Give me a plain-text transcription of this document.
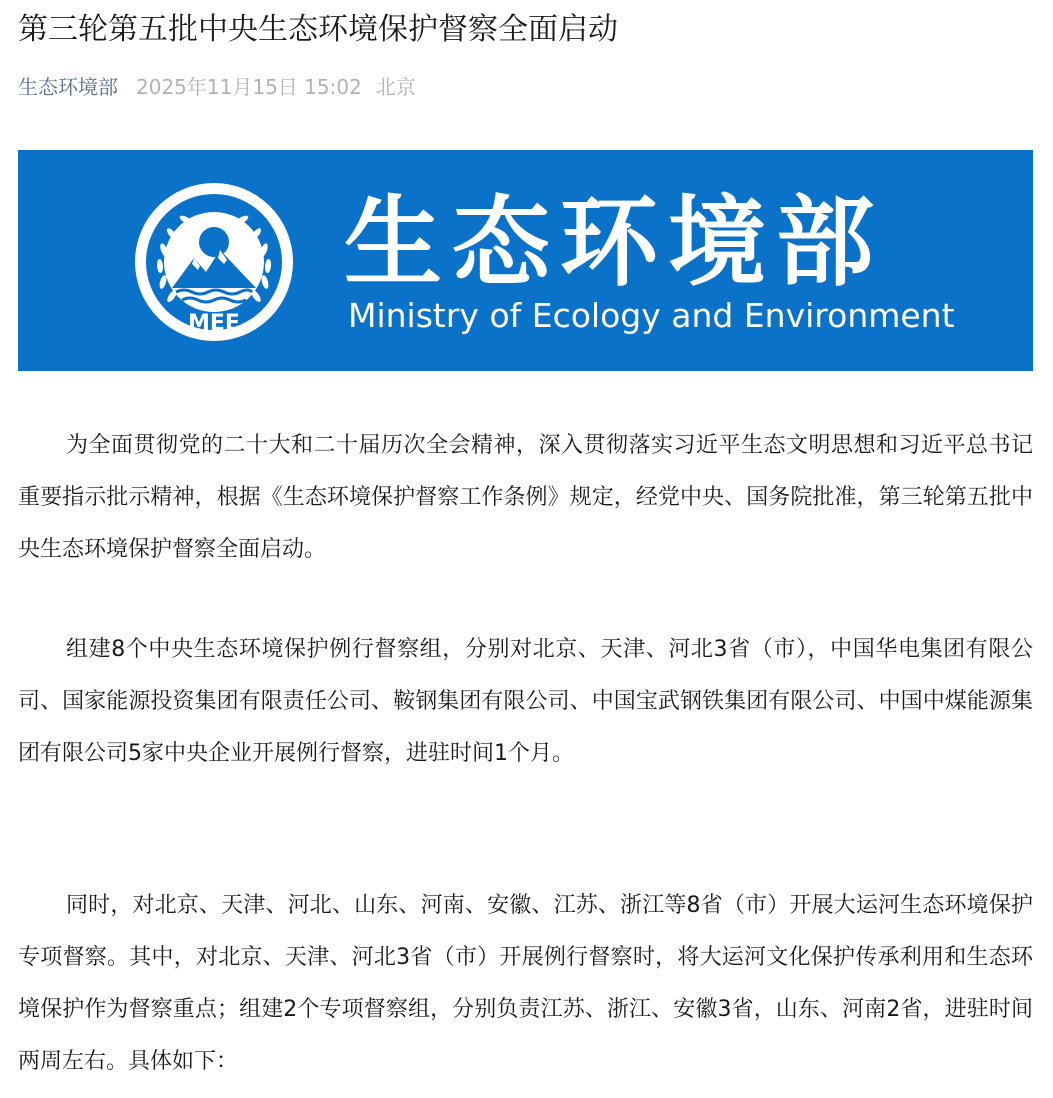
第三轮第五批中央生态环境保护督察全面启动
生态环境部 2025年11月15日 15:02 北京
MEE
生态环境部
Ministry of Ecology and Environment

为全面贯彻党的二十大和二十届历次全会精神，深入贯彻落实习近平生态文明思想和习近平总书记重要指示批示精神，根据《生态环境保护督察工作条例》规定，经党中央、国务院批准，第三轮第五批中央生态环境保护督察全面启动。

组建8个中央生态环境保护例行督察组，分别对北京、天津、河北3省（市），中国华电集团有限公司、国家能源投资集团有限责任公司、鞍钢集团有限公司、中国宝武钢铁集团有限公司、中国中煤能源集团有限公司5家中央企业开展例行督察，进驻时间1个月。

同时，对北京、天津、河北、山东、河南、安徽、江苏、浙江等8省（市）开展大运河生态环境保护专项督察。其中，对北京、天津、河北3省（市）开展例行督察时，将大运河文化保护传承利用和生态环境保护作为督察重点；组建2个专项督察组，分别负责江苏、浙江、安徽3省，山东、河南2省，进驻时间两周左右。具体如下：
